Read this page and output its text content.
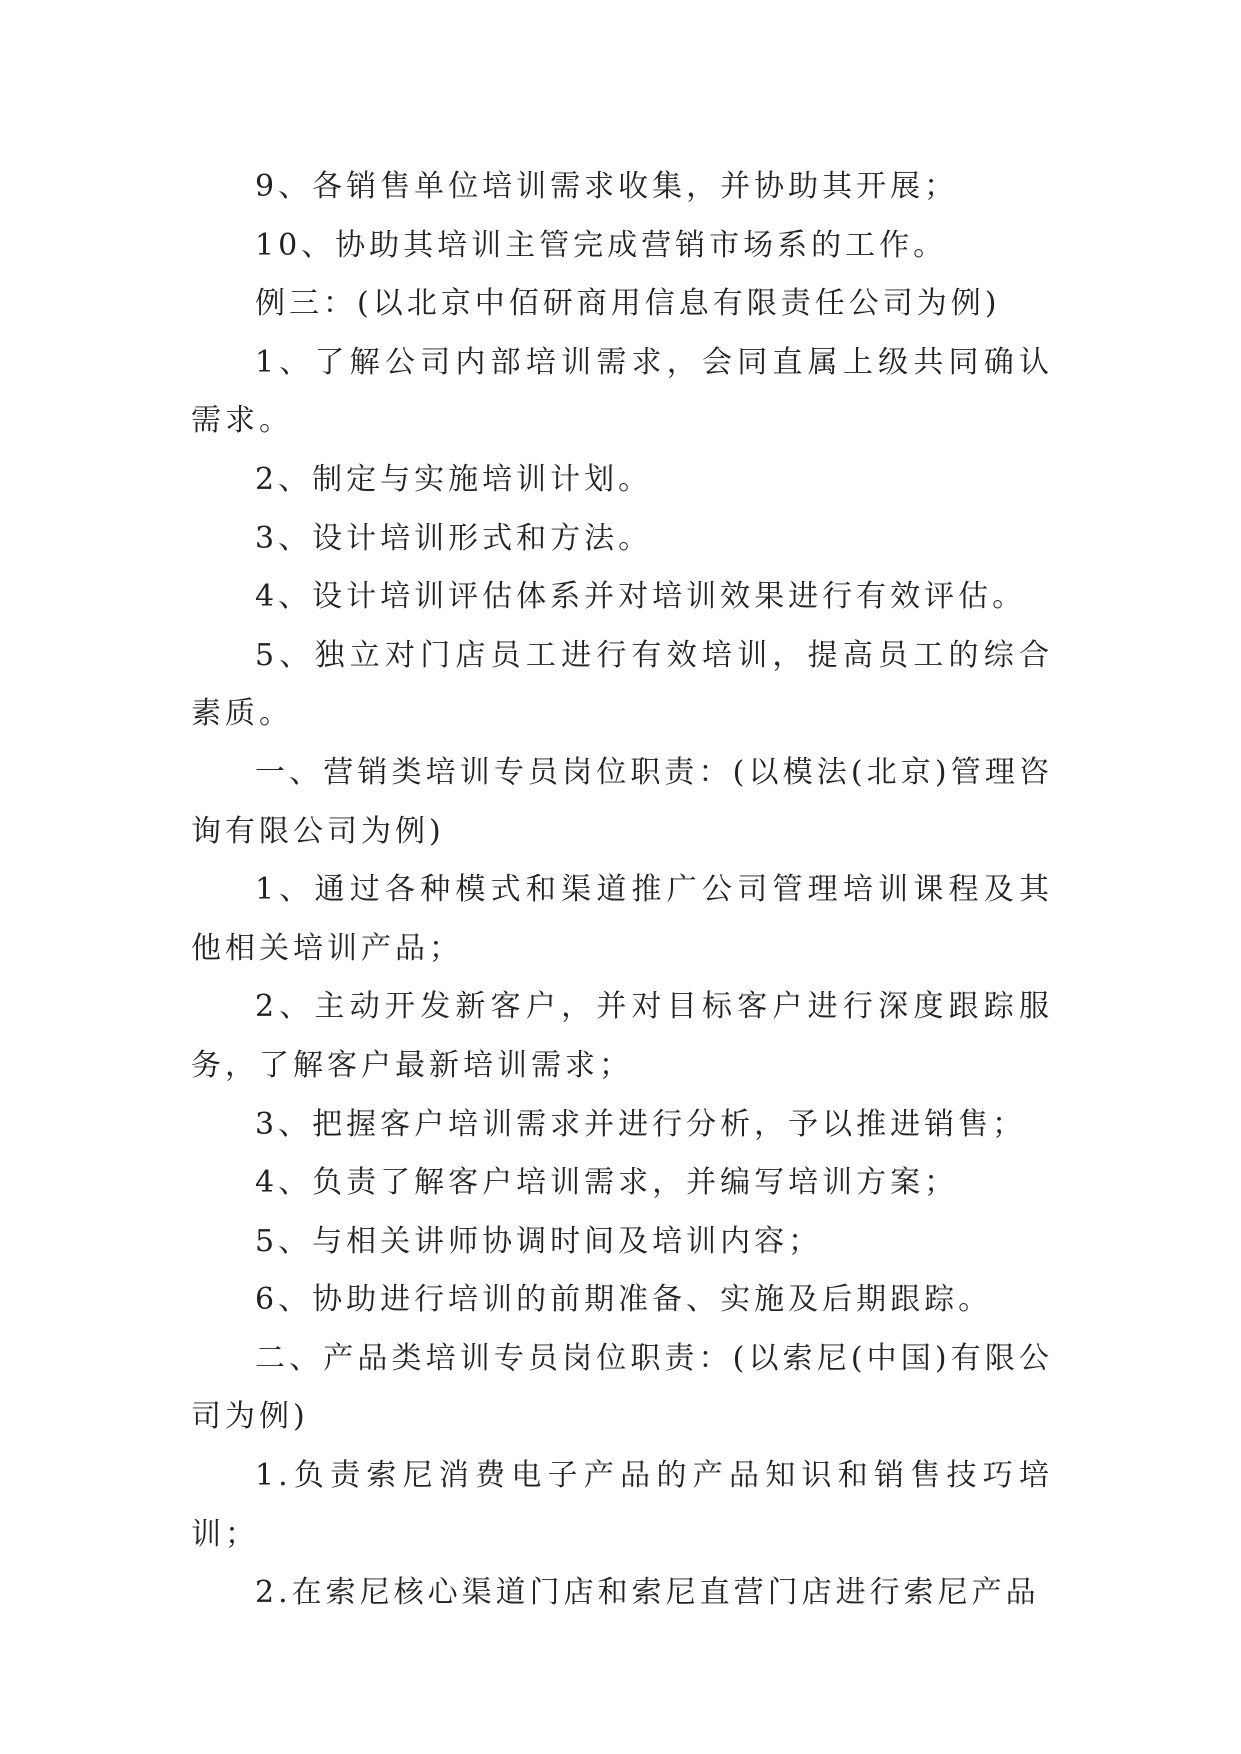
9、各销售单位培训需求收集，并协助其开展；

10、协助其培训主管完成营销市场系的工作。

例三：(以北京中佰研商用信息有限责任公司为例)

1、了解公司内部培训需求，会同直属上级共同确认需求。

2、制定与实施培训计划。

3、设计培训形式和方法。

4、设计培训评估体系并对培训效果进行有效评估。

5、独立对门店员工进行有效培训，提高员工的综合素质。

一、营销类培训专员岗位职责：(以模法(北京)管理咨询有限公司为例)

1、通过各种模式和渠道推广公司管理培训课程及其他相关培训产品；

2、主动开发新客户，并对目标客户进行深度跟踪服务，了解客户最新培训需求；

3、把握客户培训需求并进行分析，予以推进销售；

4、负责了解客户培训需求，并编写培训方案；

5、与相关讲师协调时间及培训内容；

6、协助进行培训的前期准备、实施及后期跟踪。

二、产品类培训专员岗位职责：(以索尼(中国)有限公司为例)

1.负责索尼消费电子产品的产品知识和销售技巧培训；

2.在索尼核心渠道门店和索尼直营门店进行索尼产品
